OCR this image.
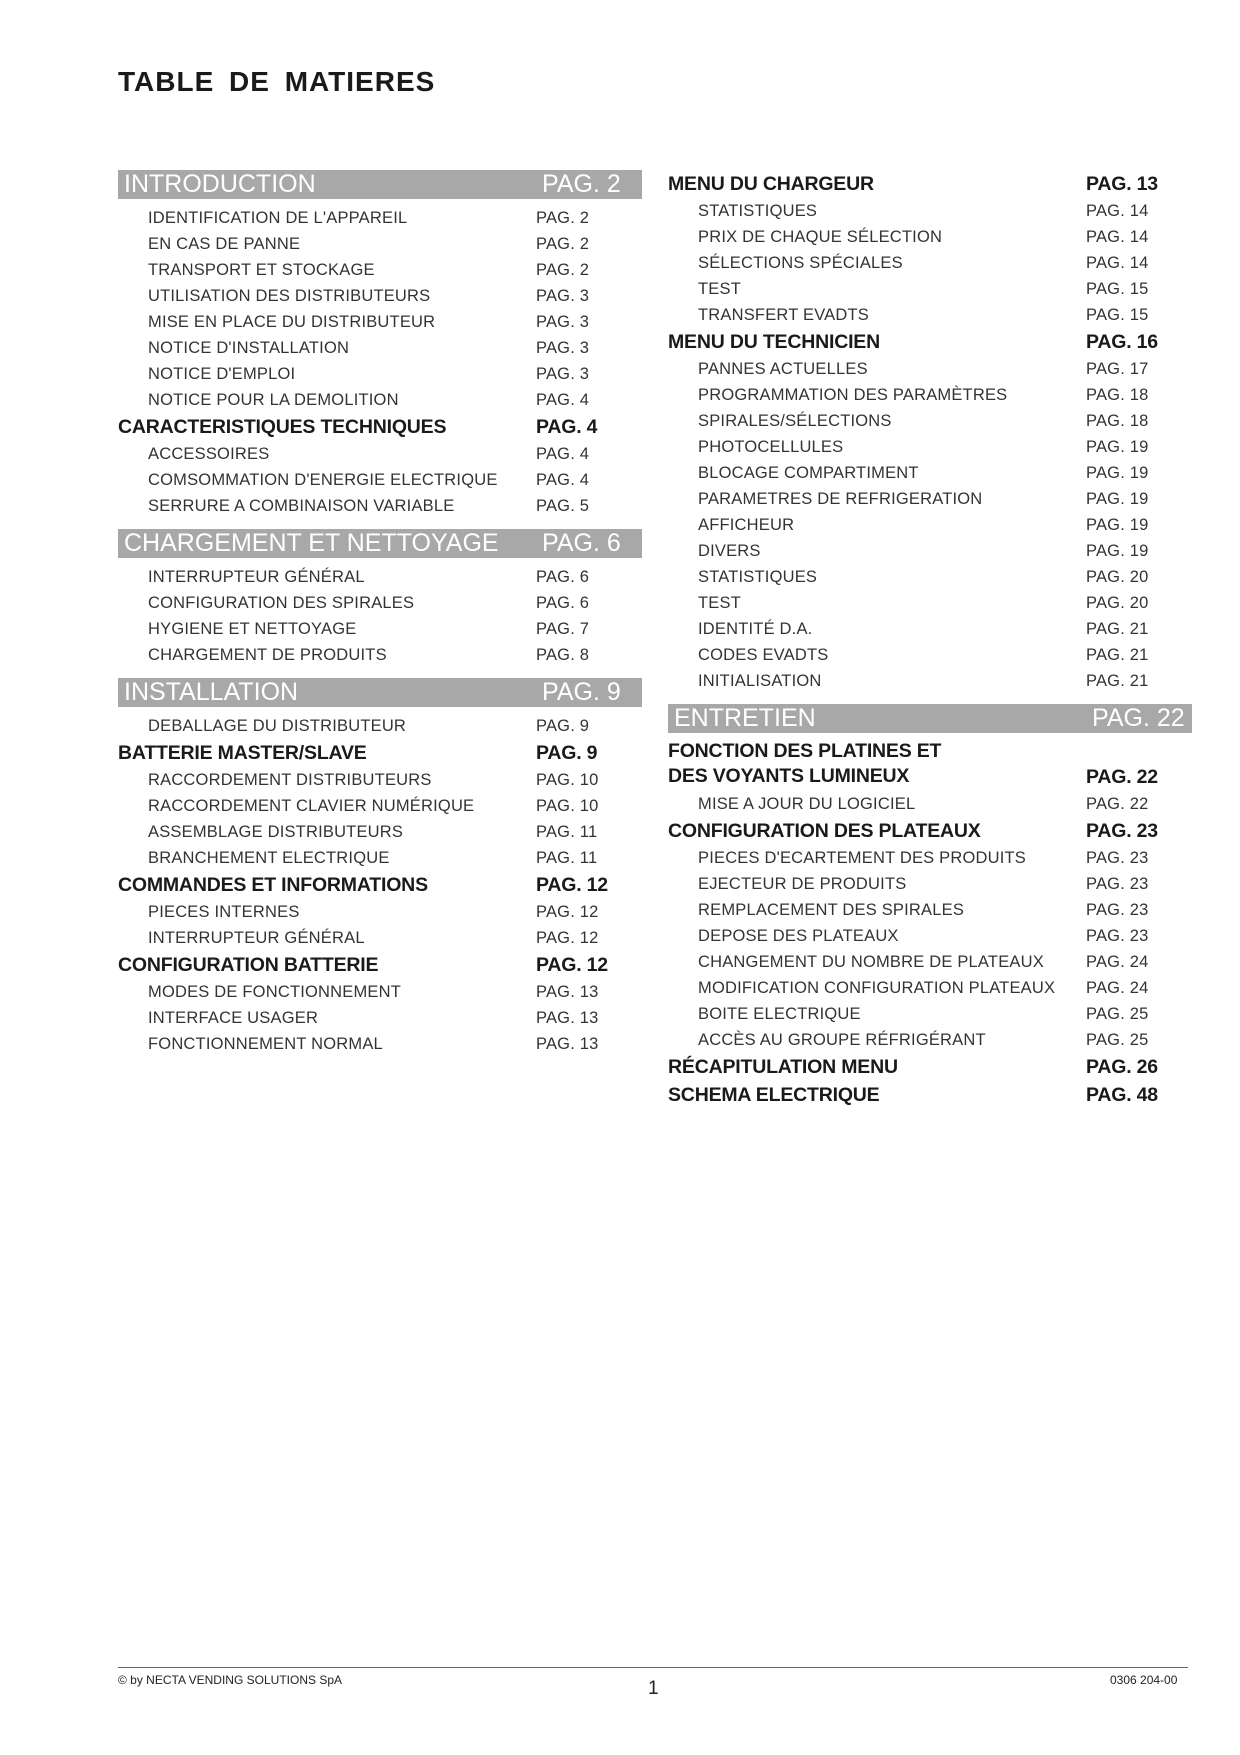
TABLE DE MATIERES
INTRODUCTION	PAG. 2
IDENTIFICATION DE L'APPAREIL	PAG. 2
EN CAS DE PANNE	PAG. 2
TRANSPORT ET STOCKAGE	PAG. 2
UTILISATION DES DISTRIBUTEURS	PAG. 3
MISE EN PLACE DU DISTRIBUTEUR	PAG. 3
NOTICE D'INSTALLATION	PAG. 3
NOTICE D'EMPLOI	PAG. 3
NOTICE POUR LA DEMOLITION	PAG. 4
CARACTERISTIQUES TECHNIQUES	PAG. 4
ACCESSOIRES	PAG. 4
COMSOMMATION D'ENERGIE ELECTRIQUE	PAG. 4
SERRURE A COMBINAISON VARIABLE	PAG. 5
CHARGEMENT ET NETTOYAGE	PAG. 6
INTERRUPTEUR GÉNÉRAL	PAG. 6
CONFIGURATION DES SPIRALES	PAG. 6
HYGIENE ET NETTOYAGE	PAG. 7
CHARGEMENT DE PRODUITS	PAG. 8
INSTALLATION	PAG. 9
DEBALLAGE DU DISTRIBUTEUR	PAG. 9
BATTERIE MASTER/SLAVE	PAG. 9
RACCORDEMENT DISTRIBUTEURS	PAG. 10
RACCORDEMENT CLAVIER NUMÉRIQUE	PAG. 10
ASSEMBLAGE DISTRIBUTEURS	PAG. 11
BRANCHEMENT ELECTRIQUE	PAG. 11
COMMANDES ET INFORMATIONS	PAG. 12
PIECES INTERNES	PAG. 12
INTERRUPTEUR GÉNÉRAL	PAG. 12
CONFIGURATION BATTERIE	PAG. 12
MODES DE FONCTIONNEMENT	PAG. 13
INTERFACE USAGER	PAG. 13
FONCTIONNEMENT NORMAL	PAG. 13
MENU DU CHARGEUR	PAG. 13
STATISTIQUES	PAG. 14
PRIX DE CHAQUE SÉLECTION	PAG. 14
SÉLECTIONS SPÉCIALES	PAG. 14
TEST	PAG. 15
TRANSFERT EVADTS	PAG. 15
MENU DU TECHNICIEN	PAG. 16
PANNES ACTUELLES	PAG. 17
PROGRAMMATION DES PARAMÈTRES	PAG. 18
SPIRALES/SÉLECTIONS	PAG. 18
PHOTOCELLULES	PAG. 19
BLOCAGE COMPARTIMENT	PAG. 19
PARAMETRES DE REFRIGERATION	PAG. 19
AFFICHEUR	PAG. 19
DIVERS	PAG. 19
STATISTIQUES	PAG. 20
TEST	PAG. 20
IDENTITÉ D.A.	PAG. 21
CODES EVADTS	PAG. 21
INITIALISATION	PAG. 21
ENTRETIEN	PAG. 22
FONCTION DES PLATINES ET
DES VOYANTS LUMINEUX	PAG. 22
MISE A JOUR DU LOGICIEL	PAG. 22
CONFIGURATION DES PLATEAUX	PAG. 23
PIECES D'ECARTEMENT DES PRODUITS	PAG. 23
EJECTEUR DE PRODUITS	PAG. 23
REMPLACEMENT DES SPIRALES	PAG. 23
DEPOSE DES PLATEAUX	PAG. 23
CHANGEMENT DU NOMBRE DE PLATEAUX	PAG. 24
MODIFICATION CONFIGURATION PLATEAUX	PAG. 24
BOITE ELECTRIQUE	PAG. 25
ACCÈS AU GROUPE RÉFRIGÉRANT	PAG. 25
RÉCAPITULATION MENU	PAG. 26
SCHEMA ELECTRIQUE	PAG. 48
© by NECTA VENDING SOLUTIONS SpA	1	0306 204-00
